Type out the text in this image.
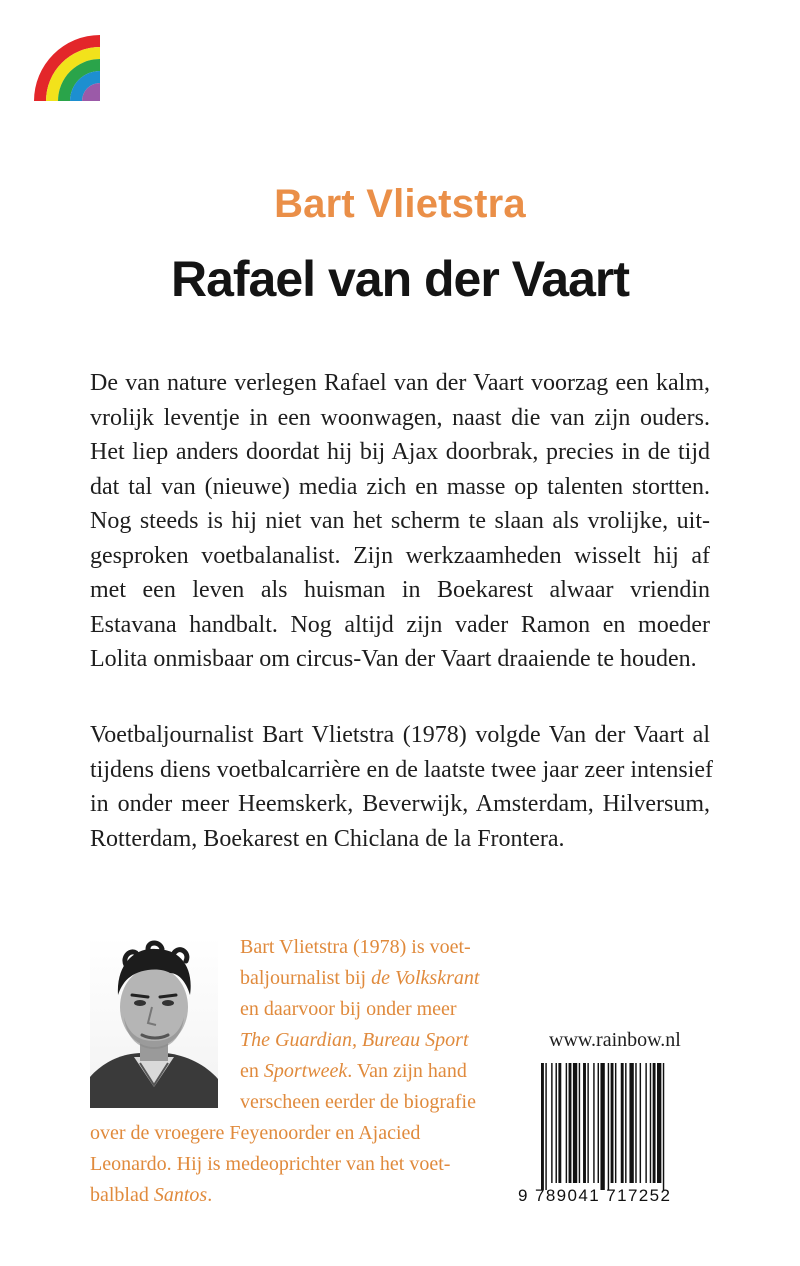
Bart Vlietstra
Rafael van der Vaart
De van nature verlegen Rafael van der Vaart voorzag een kalm,
vrolijk leventje in een woonwagen, naast die van zijn ouders.
Het liep anders doordat hij bij Ajax doorbrak, precies in de tijd
dat tal van (nieuwe) media zich en masse op talenten stortten.
Nog steeds is hij niet van het scherm te slaan als vrolijke, uit-
gesproken voetbalanalist. Zijn werkzaamheden wisselt hij af
met een leven als huisman in Boekarest alwaar vriendin
Estavana handbalt. Nog altijd zijn vader Ramon en moeder
Lolita onmisbaar om circus-Van der Vaart draaiende te houden.
Voetbaljournalist Bart Vlietstra (1978) volgde Van der Vaart al
tijdens diens voetbalcarrière en de laatste twee jaar zeer intensief
in onder meer Heemskerk, Beverwijk, Amsterdam, Hilversum,
Rotterdam, Boekarest en Chiclana de la Frontera.
Bart Vlietstra (1978) is voet-
baljournalist bij de Volkskrant
en daarvoor bij onder meer
The Guardian, Bureau Sport
en Sportweek. Van zijn hand
verscheen eerder de biografie
over de vroegere Feyenoorder en Ajacied
Leonardo. Hij is medeoprichter van het voet-
balblad Santos.
www.rainbow.nl
9 789041 717252
